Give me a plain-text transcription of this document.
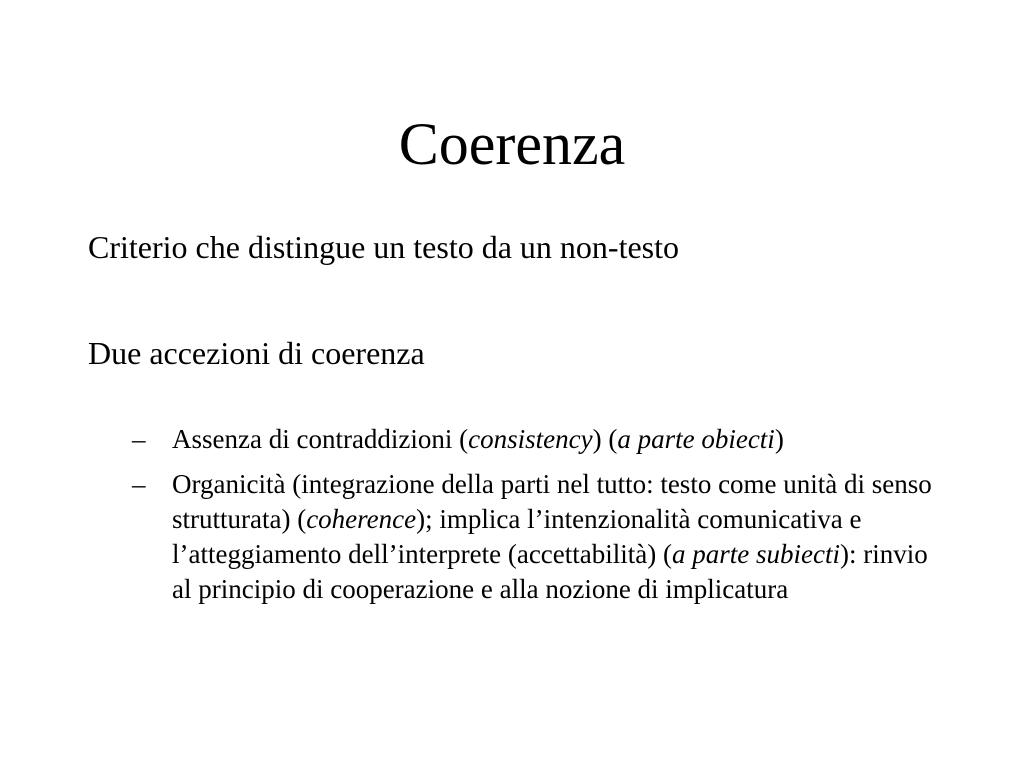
Coerenza

Criterio che distingue un testo da un non-testo

Due accezioni di coerenza

– Assenza di contraddizioni (consistency) (a parte obiecti)
– Organicità (integrazione della parti nel tutto: testo come unità di senso strutturata) (coherence); implica l’intenzionalità comunicativa e l’atteggiamento dell’interprete (accettabilità) (a parte subiecti): rinvio al principio di cooperazione e alla nozione di implicatura
